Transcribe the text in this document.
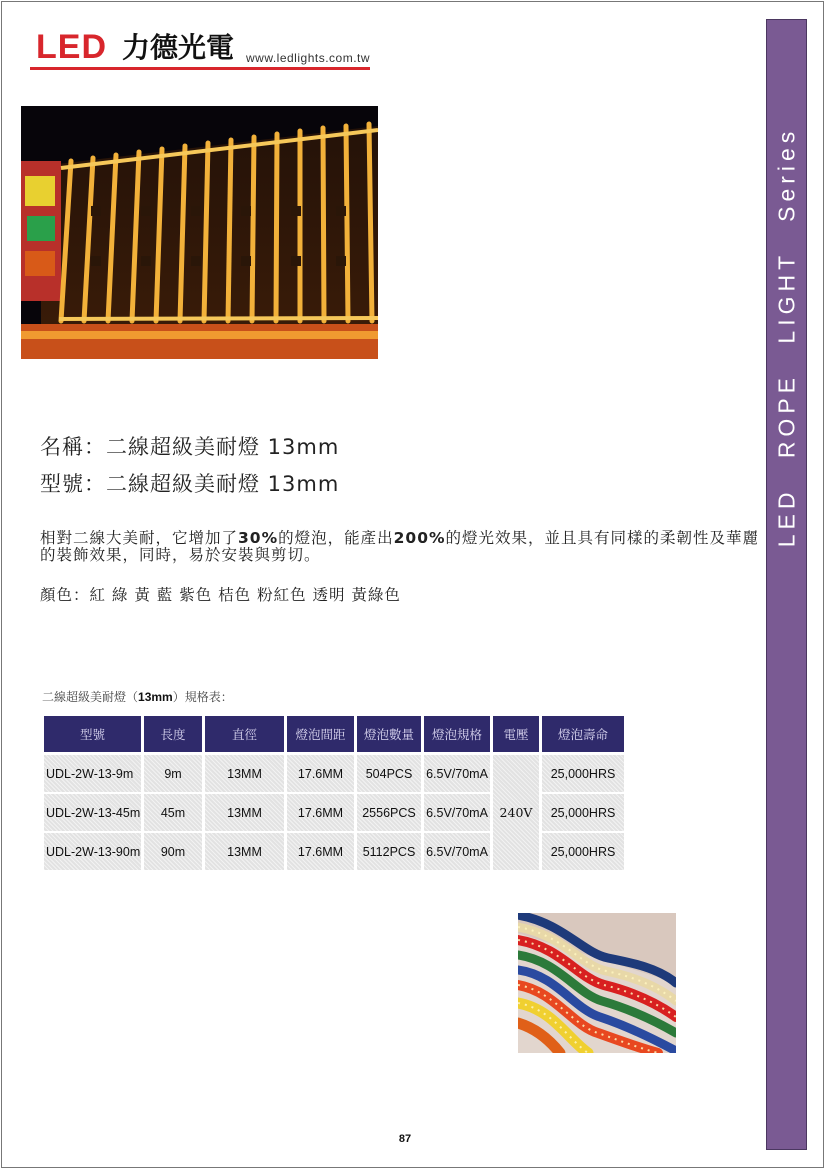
LED 力德光電 www.ledlights.com.tw
LED ROPE LIGHT Series
名稱：二線超級美耐燈 13mm
型號：二線超級美耐燈 13mm
相對二線大美耐，它增加了30%的燈泡，能產出200%的燈光效果，並且具有同樣的柔韌性及華麗的裝飾效果，同時，易於安裝與剪切。
顏色：紅 綠 黃 藍 紫色 桔色 粉紅色 透明 黃綠色
二線超級美耐燈（13mm）規格表：
型號	長度	直徑	燈泡間距	燈泡數量	燈泡規格	電壓	燈泡壽命
UDL-2W-13-9m	9m	13MM	17.6MM	504PCS	6.5V/70mA	240V	25,000HRS
UDL-2W-13-45m	45m	13MM	17.6MM	2556PCS	6.5V/70mA		25,000HRS
UDL-2W-13-90m	90m	13MM	17.6MM	5112PCS	6.5V/70mA		25,000HRS
87
